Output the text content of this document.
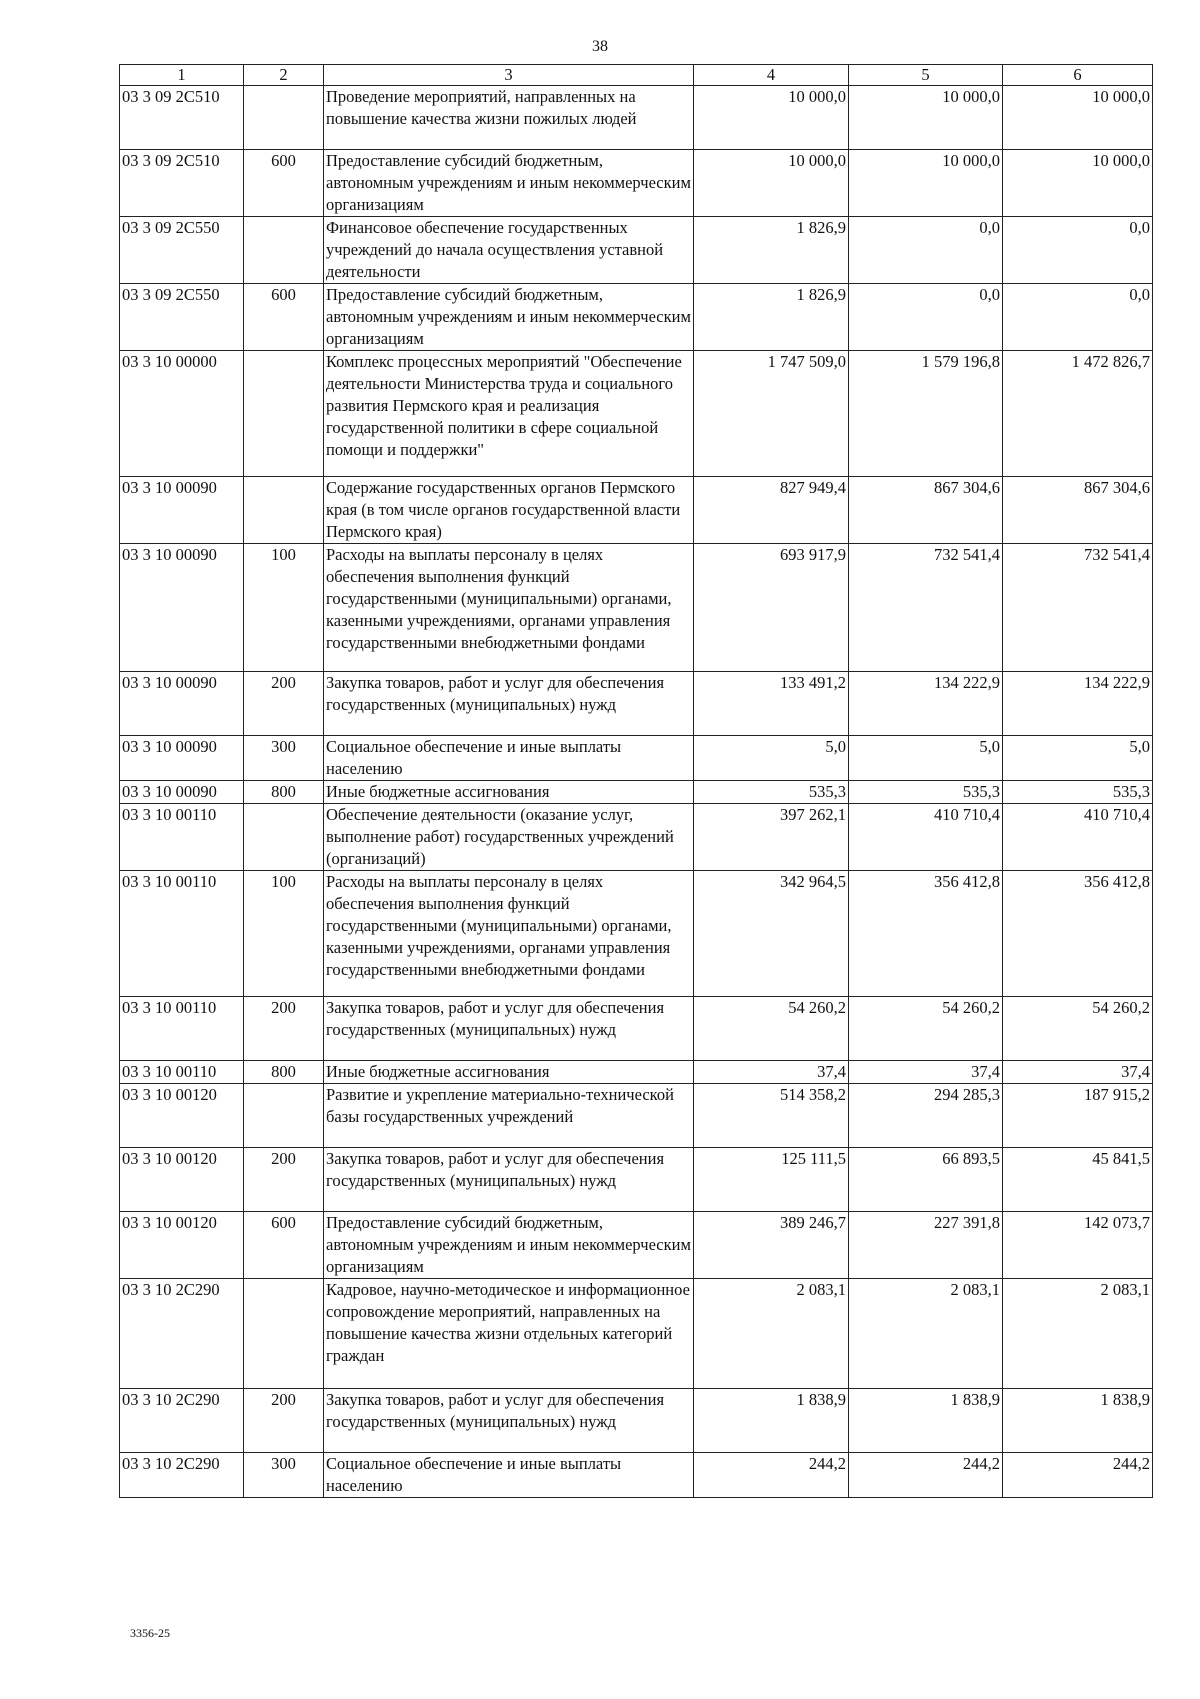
38
1	2	3	4	5	6
03 3 09 2С510		Проведение мероприятий, направленных на повышение качества жизни пожилых людей	10 000,0	10 000,0	10 000,0
03 3 09 2С510	600	Предоставление субсидий бюджетным, автономным учреждениям и иным некоммерческим организациям	10 000,0	10 000,0	10 000,0
03 3 09 2С550		Финансовое обеспечение государственных учреждений до начала осуществления уставной деятельности	1 826,9	0,0	0,0
03 3 09 2С550	600	Предоставление субсидий бюджетным, автономным учреждениям и иным некоммерческим организациям	1 826,9	0,0	0,0
03 3 10 00000		Комплекс процессных мероприятий "Обеспечение деятельности Министерства труда и социального развития Пермского края и реализация государственной политики в сфере социальной помощи и поддержки"	1 747 509,0	1 579 196,8	1 472 826,7
03 3 10 00090		Содержание государственных органов Пермского края (в том числе органов государственной власти Пермского края)	827 949,4	867 304,6	867 304,6
03 3 10 00090	100	Расходы на выплаты персоналу в целях обеспечения выполнения функций государственными (муниципальными) органами, казенными учреждениями, органами управления государственными внебюджетными фондами	693 917,9	732 541,4	732 541,4
03 3 10 00090	200	Закупка товаров, работ и услуг для обеспечения государственных (муниципальных) нужд	133 491,2	134 222,9	134 222,9
03 3 10 00090	300	Социальное обеспечение и иные выплаты населению	5,0	5,0	5,0
03 3 10 00090	800	Иные бюджетные ассигнования	535,3	535,3	535,3
03 3 10 00110		Обеспечение деятельности (оказание услуг, выполнение работ) государственных учреждений (организаций)	397 262,1	410 710,4	410 710,4
03 3 10 00110	100	Расходы на выплаты персоналу в целях обеспечения выполнения функций государственными (муниципальными) органами, казенными учреждениями, органами управления государственными внебюджетными фондами	342 964,5	356 412,8	356 412,8
03 3 10 00110	200	Закупка товаров, работ и услуг для обеспечения государственных (муниципальных) нужд	54 260,2	54 260,2	54 260,2
03 3 10 00110	800	Иные бюджетные ассигнования	37,4	37,4	37,4
03 3 10 00120		Развитие и укрепление материально-технической базы государственных учреждений	514 358,2	294 285,3	187 915,2
03 3 10 00120	200	Закупка товаров, работ и услуг для обеспечения государственных (муниципальных) нужд	125 111,5	66 893,5	45 841,5
03 3 10 00120	600	Предоставление субсидий бюджетным, автономным учреждениям и иным некоммерческим организациям	389 246,7	227 391,8	142 073,7
03 3 10 2С290		Кадровое, научно-методическое и информационное сопровождение мероприятий, направленных на повышение качества жизни отдельных категорий граждан	2 083,1	2 083,1	2 083,1
03 3 10 2С290	200	Закупка товаров, работ и услуг для обеспечения государственных (муниципальных) нужд	1 838,9	1 838,9	1 838,9
03 3 10 2С290	300	Социальное обеспечение и иные выплаты населению	244,2	244,2	244,2
3356-25
